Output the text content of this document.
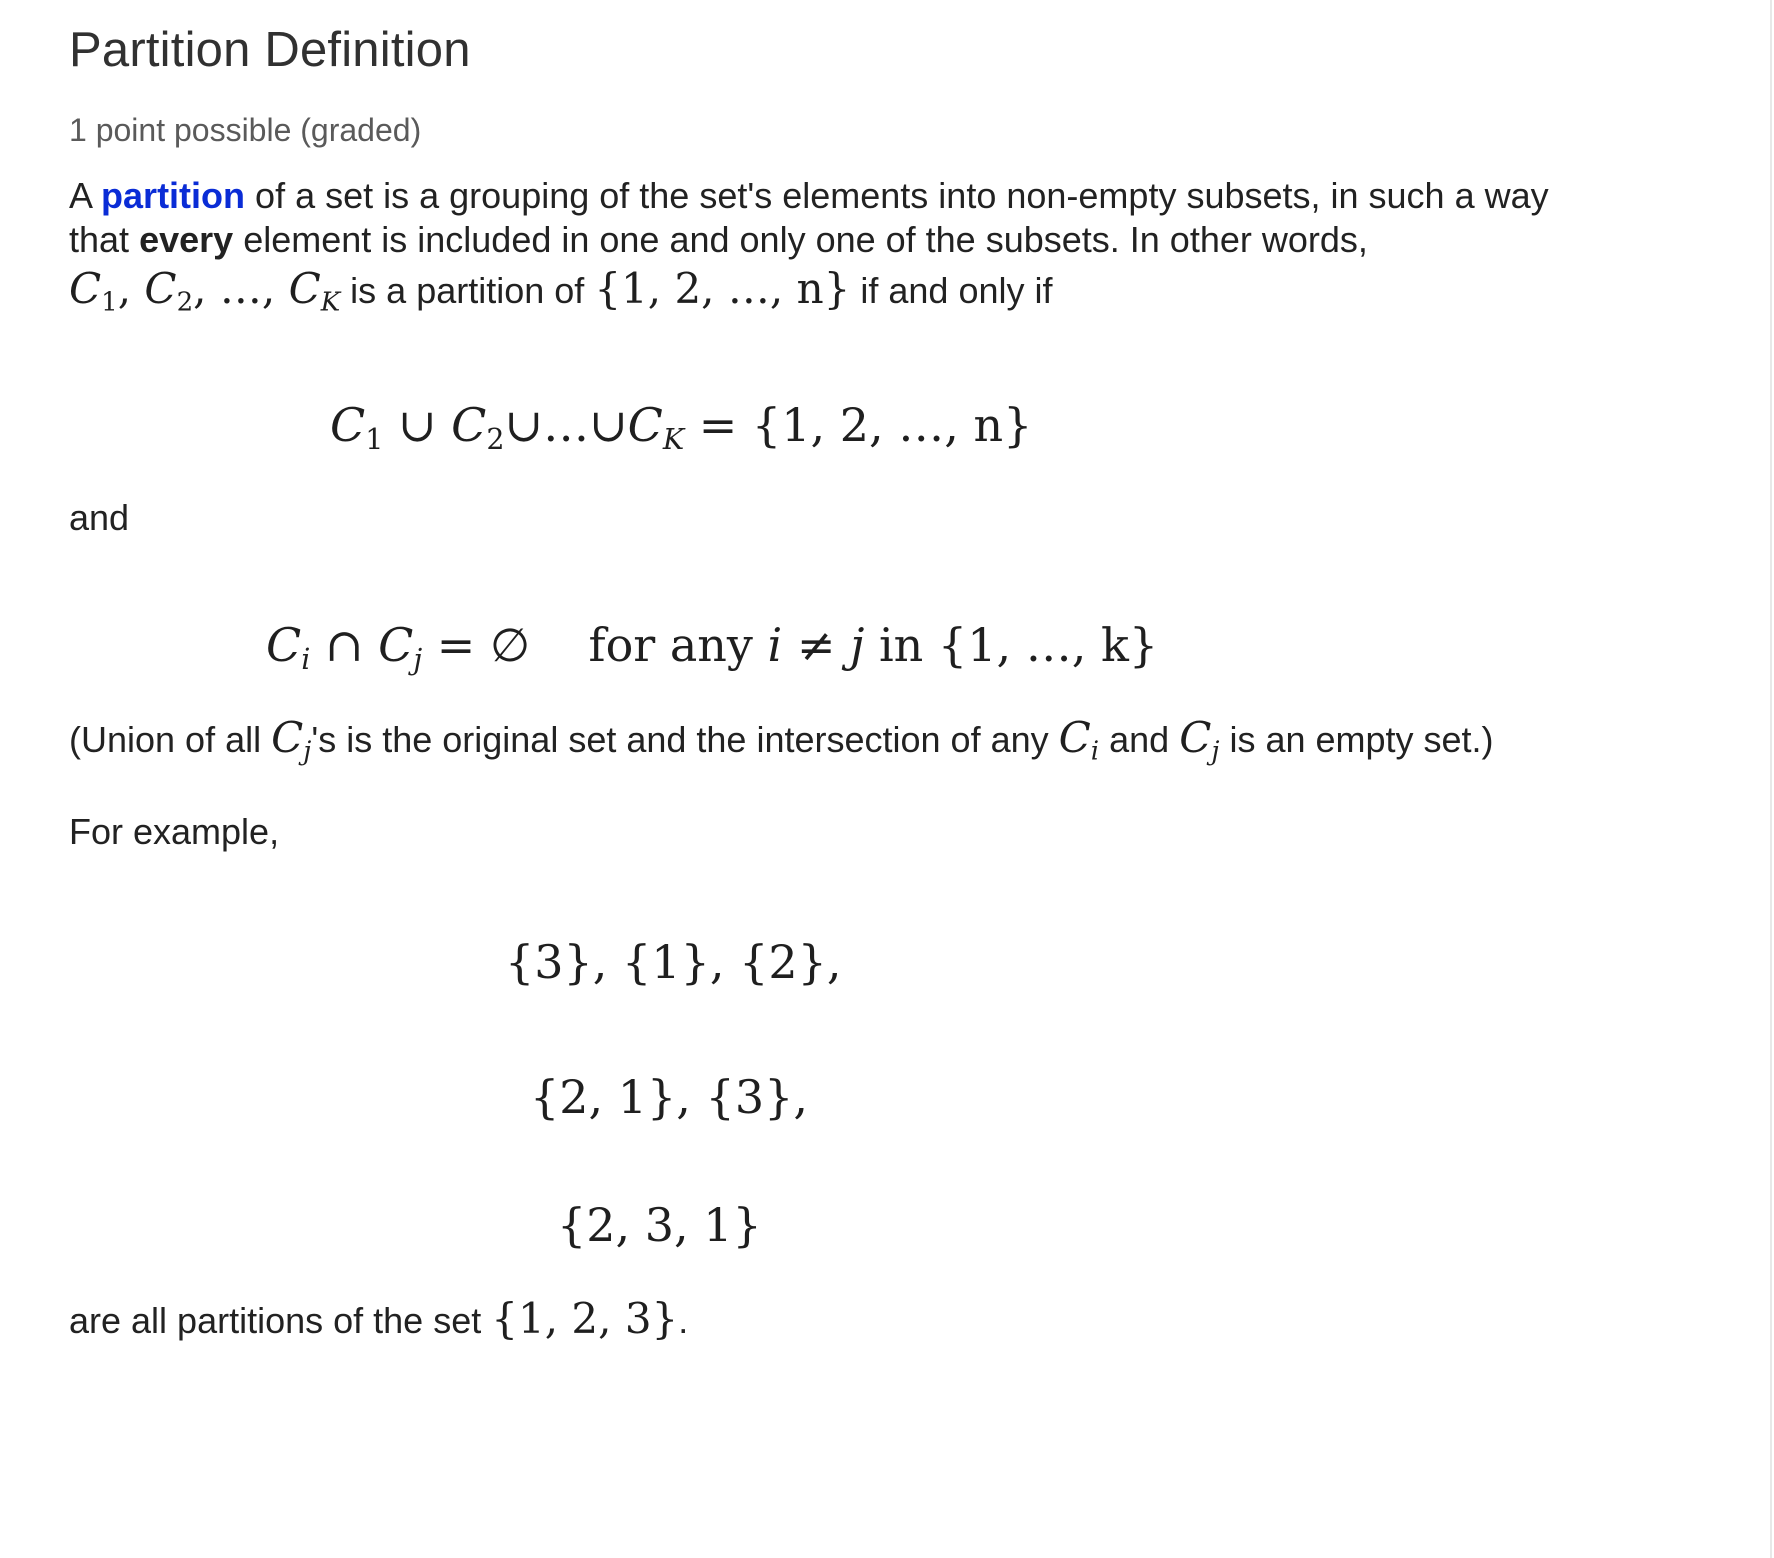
Partition Definition
1 point possible (graded)
A partition of a set is a grouping of the set's elements into non-empty subsets, in such a way
that every element is included in one and only one of the subsets. In other words,
$C_1$, $C_2$, …, $C_K$ is a partition of {1, 2, …, n} if and only if
$C_1$ ∪ $C_2\cup\dots\cup C_K = \{1$, 2, …, n}
and
$C_i$ ∩ $C_j$ = ∅ for any i ≠ j in {1, …, k}
(Union of all $C_j's$ is the original set and the intersection of any $C_i$ and $C_j$ is an empty set.)
For example,
{3}, {1}, {2},
{2, 1}, {3},
{2, 3, 1}
are all partitions of the set {1, 2, 3}.
